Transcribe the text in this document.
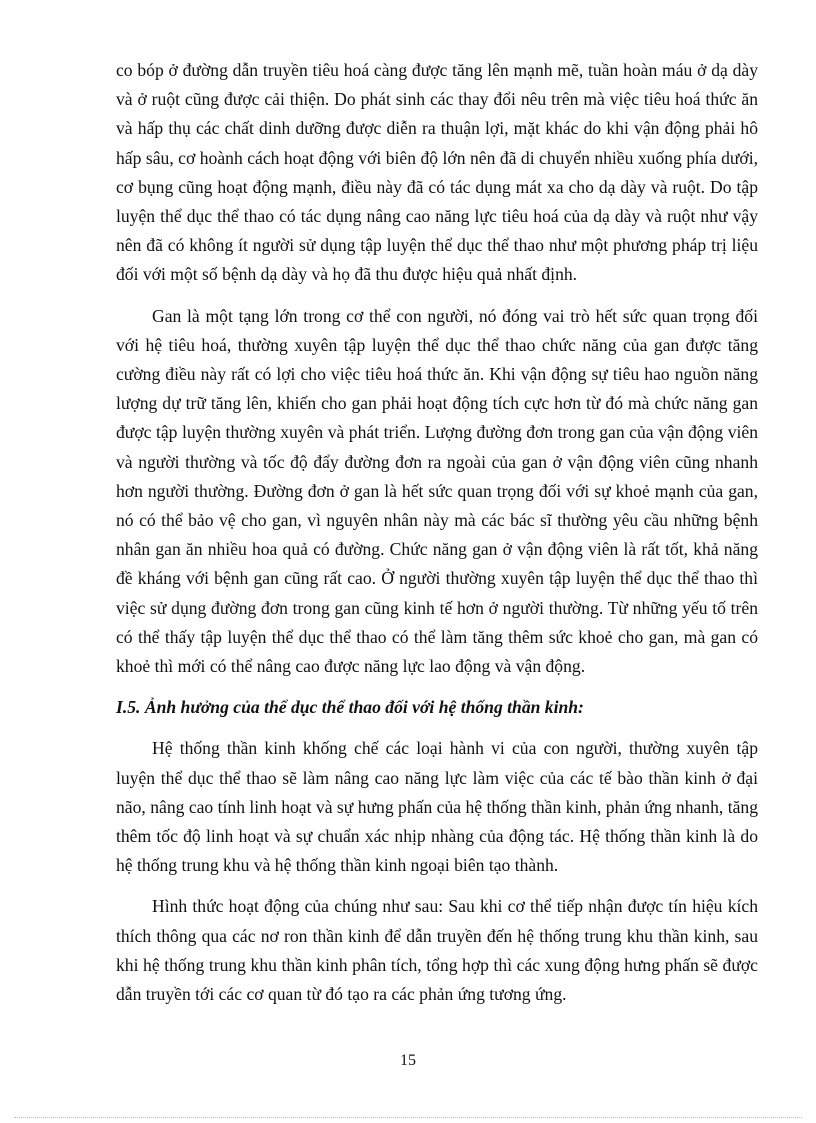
co bóp ở đường dẫn truyền tiêu hoá càng được tăng lên mạnh mẽ, tuần hoàn máu ở dạ dày và ở ruột cũng được cải thiện. Do phát sinh các thay đổi nêu trên mà việc tiêu hoá thức ăn và hấp thụ các chất dinh dưỡng được diễn ra thuận lợi, mặt khác do khi vận động phải hô hấp sâu, cơ hoành cách hoạt động với biên độ lớn nên đã di chuyển nhiều xuống phía dưới, cơ bụng cũng hoạt động mạnh, điều này đã có tác dụng mát xa cho dạ dày và ruột. Do tập luyện thể dục thể thao có tác dụng nâng cao năng lực tiêu hoá của dạ dày và ruột như vậy nên đã có không ít người sử dụng tập luyện thể dục thể thao như một phương pháp trị liệu đối với một số bệnh dạ dày và họ đã thu được hiệu quả nhất định.

Gan là một tạng lớn trong cơ thể con người, nó đóng vai trò hết sức quan trọng đối với hệ tiêu hoá, thường xuyên tập luyện thể dục thể thao chức năng của gan được tăng cường điều này rất có lợi cho việc tiêu hoá thức ăn. Khi vận động sự tiêu hao nguồn năng lượng dự trữ tăng lên, khiến cho gan phải hoạt động tích cực hơn từ đó mà chức năng gan được tập luyện thường xuyên và phát triển. Lượng đường đơn trong gan của vận động viên và người thường và tốc độ đẩy đường đơn ra ngoài của gan ở vận động viên cũng nhanh hơn người thường. Đường đơn ở gan là hết sức quan trọng đối với sự khoẻ mạnh của gan, nó có thể bảo vệ cho gan, vì nguyên nhân này mà các bác sĩ thường yêu cầu những bệnh nhân gan ăn nhiều hoa quả có đường. Chức năng gan ở vận động viên là rất tốt, khả năng đề kháng với bệnh gan cũng rất cao. Ở người thường xuyên tập luyện thể dục thể thao thì việc sử dụng đường đơn trong gan cũng kinh tế hơn ở người thường. Từ những yếu tố trên có thể thấy tập luyện thể dục thể thao có thể làm tăng thêm sức khoẻ cho gan, mà gan có khoẻ thì mới có thể nâng cao được năng lực lao động và vận động.

I.5. Ảnh hưởng của thể dục thể thao đối với hệ thống thần kinh:

Hệ thống thần kinh khống chế các loại hành vi của con người, thường xuyên tập luyện thể dục thể thao sẽ làm nâng cao năng lực làm việc của các tế bào thần kinh ở đại não, nâng cao tính linh hoạt và sự hưng phấn của hệ thống thần kinh, phản ứng nhanh, tăng thêm tốc độ linh hoạt và sự chuẩn xác nhịp nhàng của động tác. Hệ thống thần kinh là do hệ thống trung khu và hệ thống thần kinh ngoại biên tạo thành.

Hình thức hoạt động của chúng như sau: Sau khi cơ thể tiếp nhận được tín hiệu kích thích thông qua các nơ ron thần kinh để dẫn truyền đến hệ thống trung khu thần kinh, sau khi hệ thống trung khu thần kinh phân tích, tổng hợp thì các xung động hưng phấn sẽ được dẫn truyền tới các cơ quan từ đó tạo ra các phản ứng tương ứng.

15
